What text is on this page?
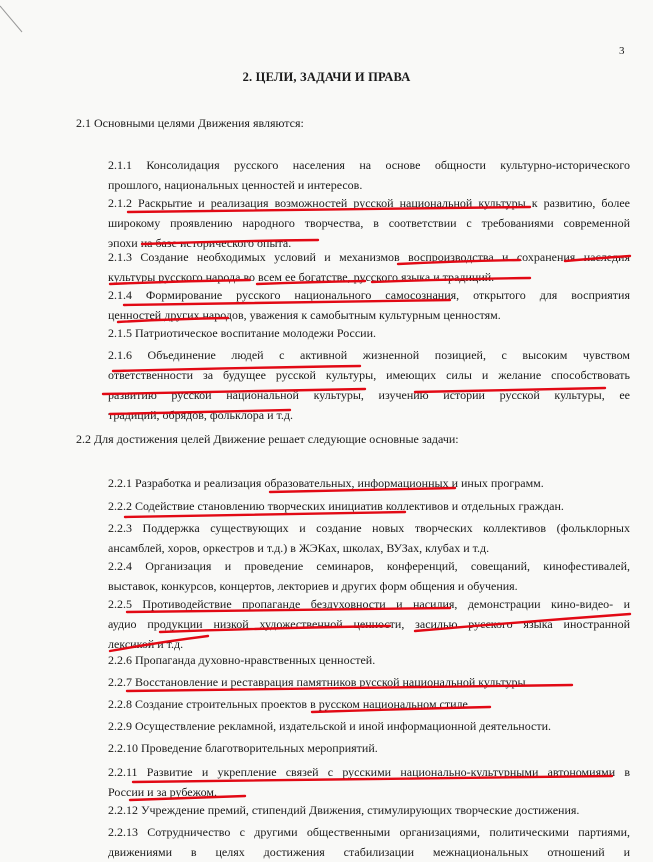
3
2. ЦЕЛИ, ЗАДАЧИ И ПРАВА
2.1 Основными целями Движения являются:
2.1.1 Консолидация русского населения на основе общности культурно-исторического
прошлого, национальных ценностей и интересов.
2.1.2 Раскрытие и реализация возможностей русской национальной культуры к развитию, более
широкому проявлению народного творчества, в соответствии с требованиями современной
эпохи на базе исторического опыта.
2.1.3 Создание необходимых условий и механизмов воспроизводства и сохранения наследия
культуры русского народа во всем ее богатстве, русского языка и традиций.
2.1.4 Формирование русского национального самосознания, открытого для восприятия
ценностей других народов, уважения к самобытным культурным ценностям.
2.1.5 Патриотическое воспитание молодежи России.
2.1.6 Объединение людей с активной жизненной позицией, с высоким чувством
ответственности за будущее русской культуры, имеющих силы и желание способствовать
развитию русской национальной культуры, изучению истории русской культуры, ее
традиций, обрядов, фольклора и т.д.
2.2 Для достижения целей Движение решает следующие основные задачи:
2.2.1 Разработка и реализация образовательных, информационных и иных программ.
2.2.2 Содействие становлению творческих инициатив коллективов и отдельных граждан.
2.2.3 Поддержка существующих и создание новых творческих коллективов (фольклорных
ансамблей, хоров, оркестров и т.д.) в ЖЭКах, школах, ВУЗах, клубах и т.д.
2.2.4 Организация и проведение семинаров, конференций, совещаний, кинофестивалей,
выставок, конкурсов, концертов, лекториев и других форм общения и обучения.
2.2.5 Противодействие пропаганде бездуховности и насилия, демонстрации кино-видео- и
аудио продукции низкой художественной ценности, засилью русского языка иностранной
лексикой и т.д.
2.2.6 Пропаганда духовно-нравственных ценностей.
2.2.7 Восстановление и реставрация памятников русской национальной культуры.
2.2.8 Создание строительных проектов в русском национальном стиле.
2.2.9 Осуществление рекламной, издательской и иной информационной деятельности.
2.2.10 Проведение благотворительных мероприятий.
2.2.11 Развитие и укрепление связей с русскими национально-культурными автономиями в
России и за рубежом.
2.2.12 Учреждение премий, стипендий Движения, стимулирующих творческие достижения.
2.2.13 Сотрудничество с другими общественными организациями, политическими партиями,
движениями в целях достижения стабилизации межнациональных отношений и
